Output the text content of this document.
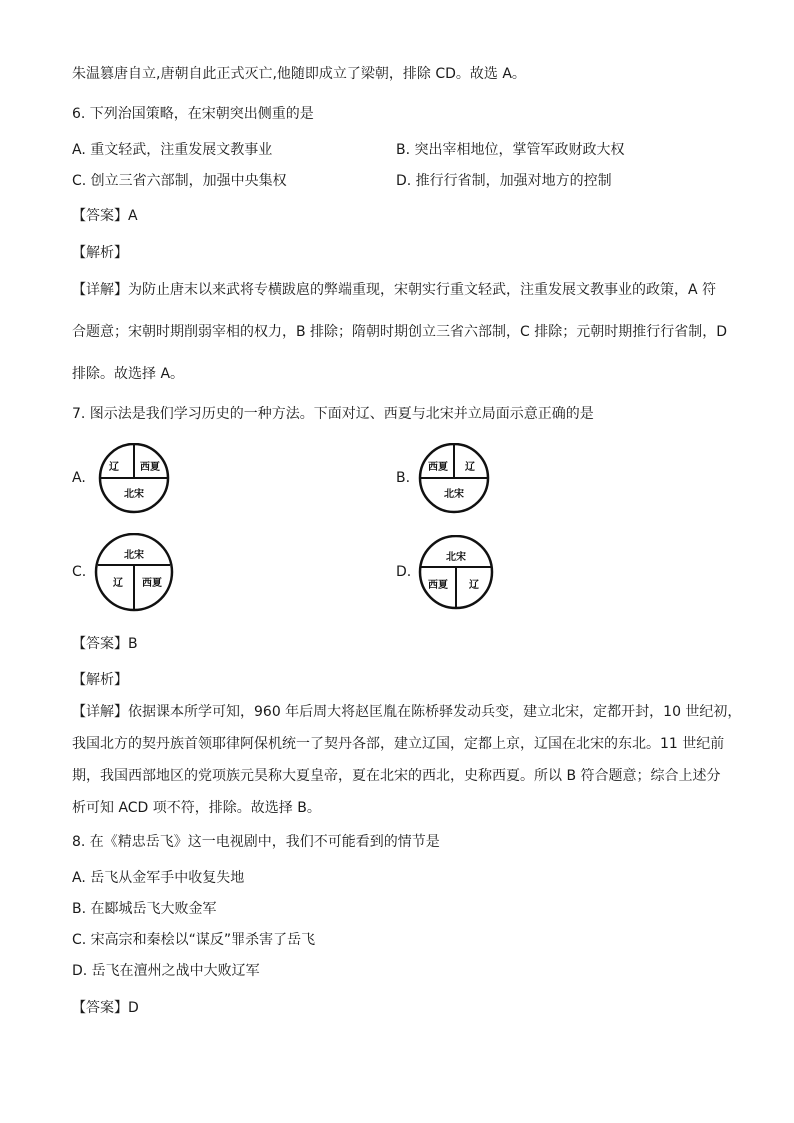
朱温篡唐自立,唐朝自此正式灭亡,他随即成立了梁朝，排除 CD。故选 A。
6. 下列治国策略，在宋朝突出侧重的是
A. 重文轻武，注重发展文教事业	B. 突出宰相地位，掌管军政财政大权
C. 创立三省六部制，加强中央集权	D. 推行行省制，加强对地方的控制
【答案】A
【解析】
【详解】为防止唐末以来武将专横跋扈的弊端重现，宋朝实行重文轻武，注重发展文教事业的政策，A 符
合题意；宋朝时期削弱宰相的权力，B 排除；隋朝时期创立三省六部制，C 排除；元朝时期推行行省制，D
排除。故选择 A。
7. 图示法是我们学习历史的一种方法。下面对辽、西夏与北宋并立局面示意正确的是
A.
辽 西夏
北宋
B.
西夏 辽
北宋
C.
北宋
辽 西夏
D.
北宋
西夏 辽
【答案】B
【解析】
【详解】依据课本所学可知，960 年后周大将赵匡胤在陈桥驿发动兵变，建立北宋，定都开封，10 世纪初，
我国北方的契丹族首领耶律阿保机统一了契丹各部，建立辽国，定都上京，辽国在北宋的东北。11 世纪前
期，我国西部地区的党项族元昊称大夏皇帝，夏在北宋的西北，史称西夏。所以 B 符合题意；综合上述分
析可知 ACD 项不符，排除。故选择 B。
8. 在《精忠岳飞》这一电视剧中，我们不可能看到的情节是
A. 岳飞从金军手中收复失地
B. 在郾城岳飞大败金军
C. 宋高宗和秦桧以“谋反”罪杀害了岳飞
D. 岳飞在澶州之战中大败辽军
【答案】D
